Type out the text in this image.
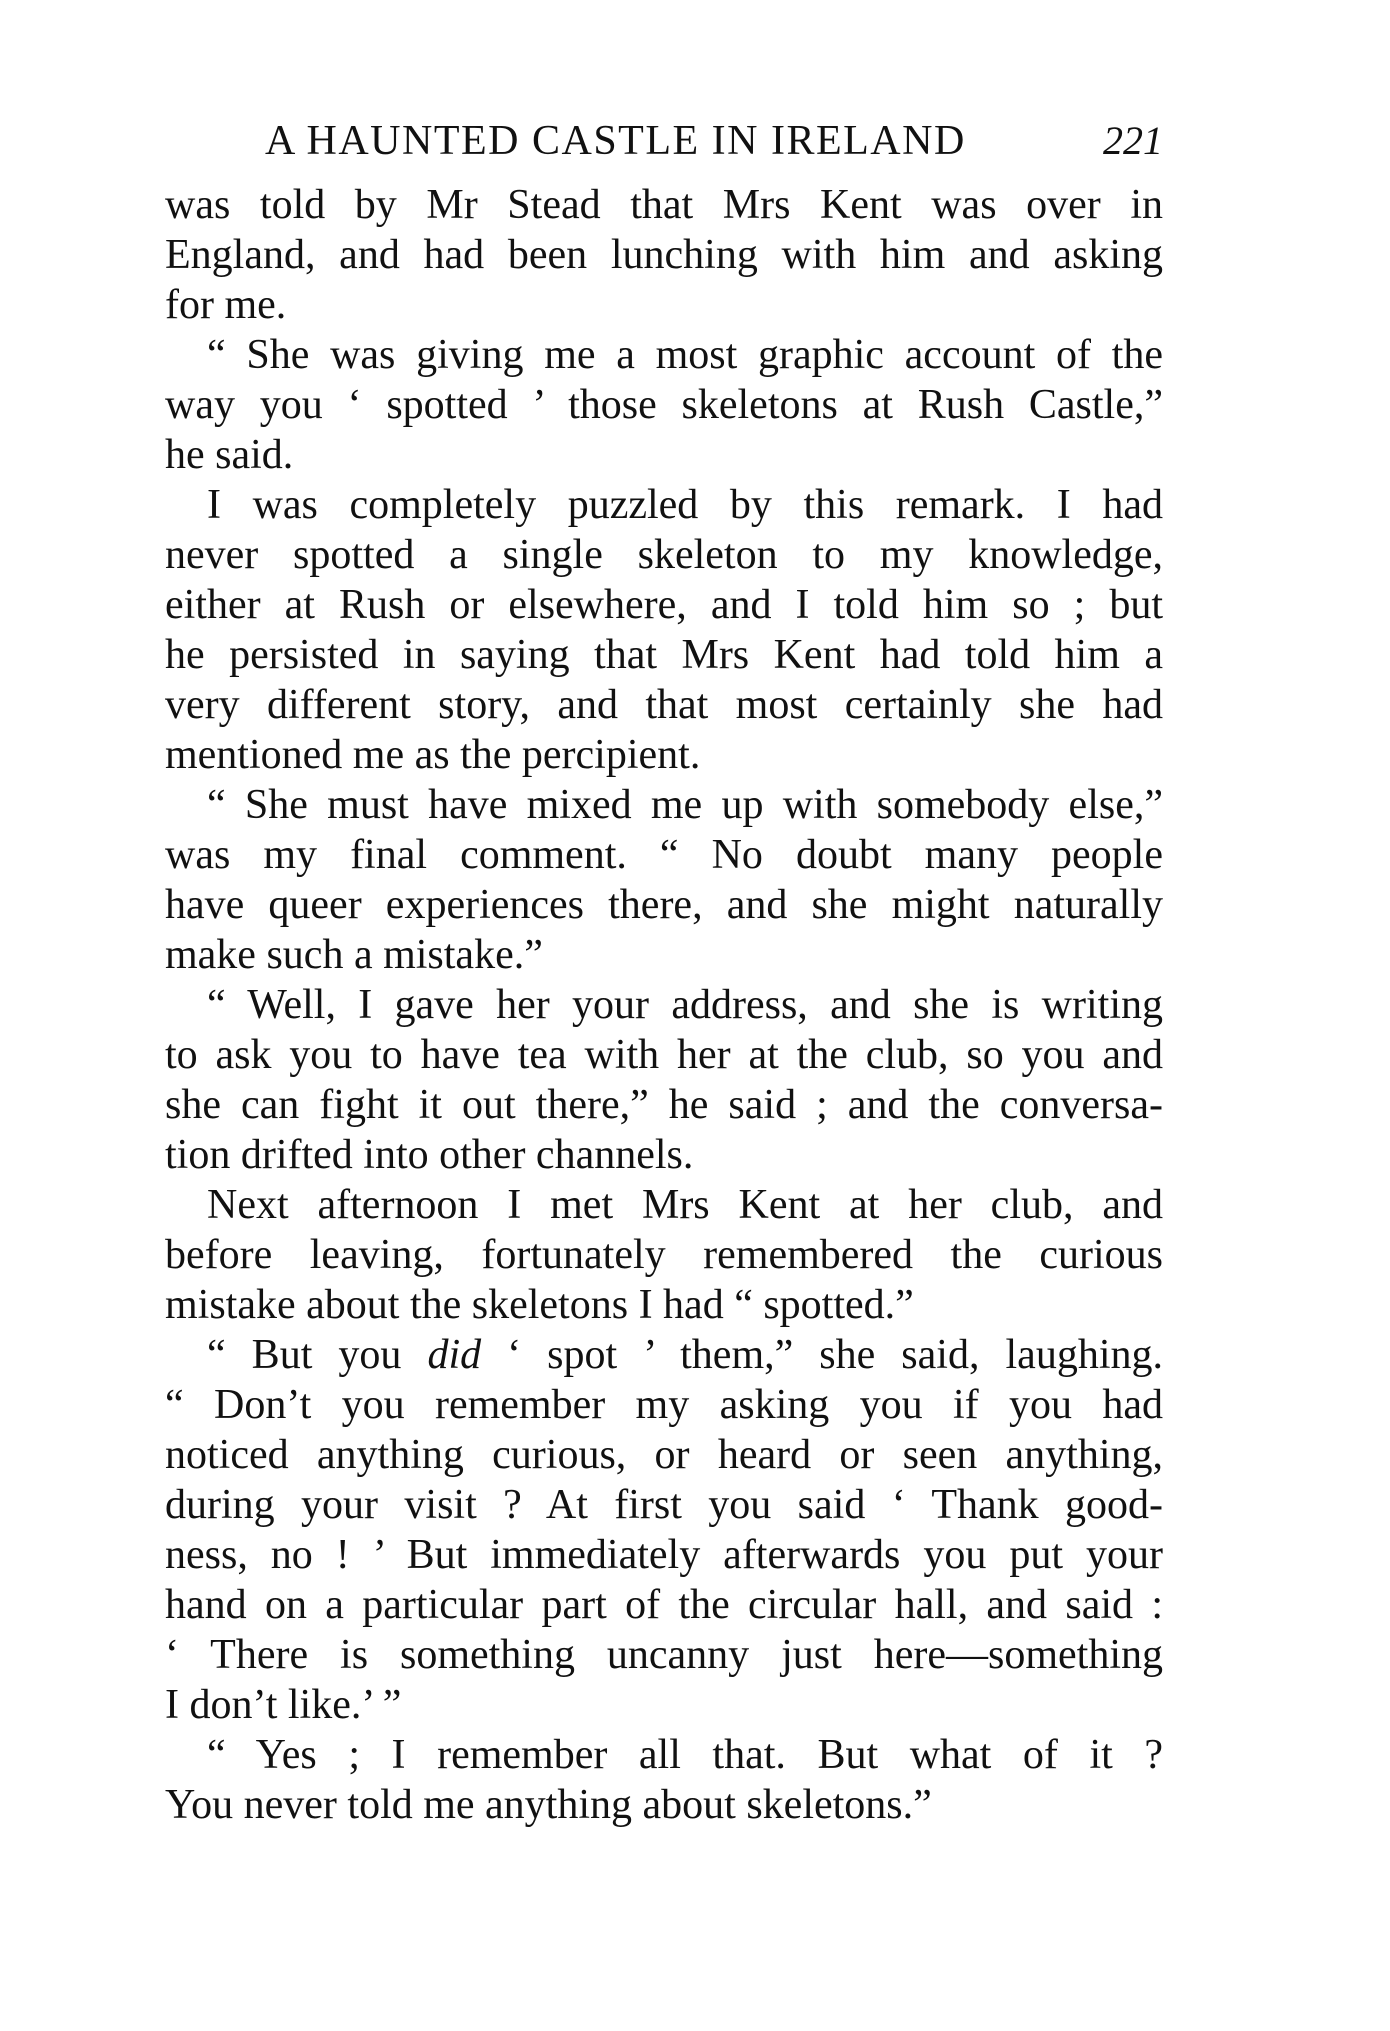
A HAUNTED CASTLE IN IRELAND	221

was told by Mr Stead that Mrs Kent was over in
England, and had been lunching with him and asking
for me.

“ She was giving me a most graphic account of the
way you ‘ spotted ’ those skeletons at Rush Castle,”
he said.

I was completely puzzled by this remark. I had
never spotted a single skeleton to my knowledge,
either at Rush or elsewhere, and I told him so ; but
he persisted in saying that Mrs Kent had told him a
very different story, and that most certainly she had
mentioned me as the percipient.

“ She must have mixed me up with somebody else,”
was my final comment. “ No doubt many people
have queer experiences there, and she might naturally
make such a mistake.”

“ Well, I gave her your address, and she is writing
to ask you to have tea with her at the club, so you and
she can fight it out there,” he said ; and the conversa-
tion drifted into other channels.

Next afternoon I met Mrs Kent at her club, and
before leaving, fortunately remembered the curious
mistake about the skeletons I had “ spotted.”

“ But you did ‘ spot ’ them,” she said, laughing.
“ Don’t you remember my asking you if you had
noticed anything curious, or heard or seen anything,
during your visit ? At first you said ‘ Thank good-
ness, no ! ’ But immediately afterwards you put your
hand on a particular part of the circular hall, and said :
‘ There is something uncanny just here—something
I don’t like.’ ”

“ Yes ; I remember all that. But what of it ?
You never told me anything about skeletons.”
